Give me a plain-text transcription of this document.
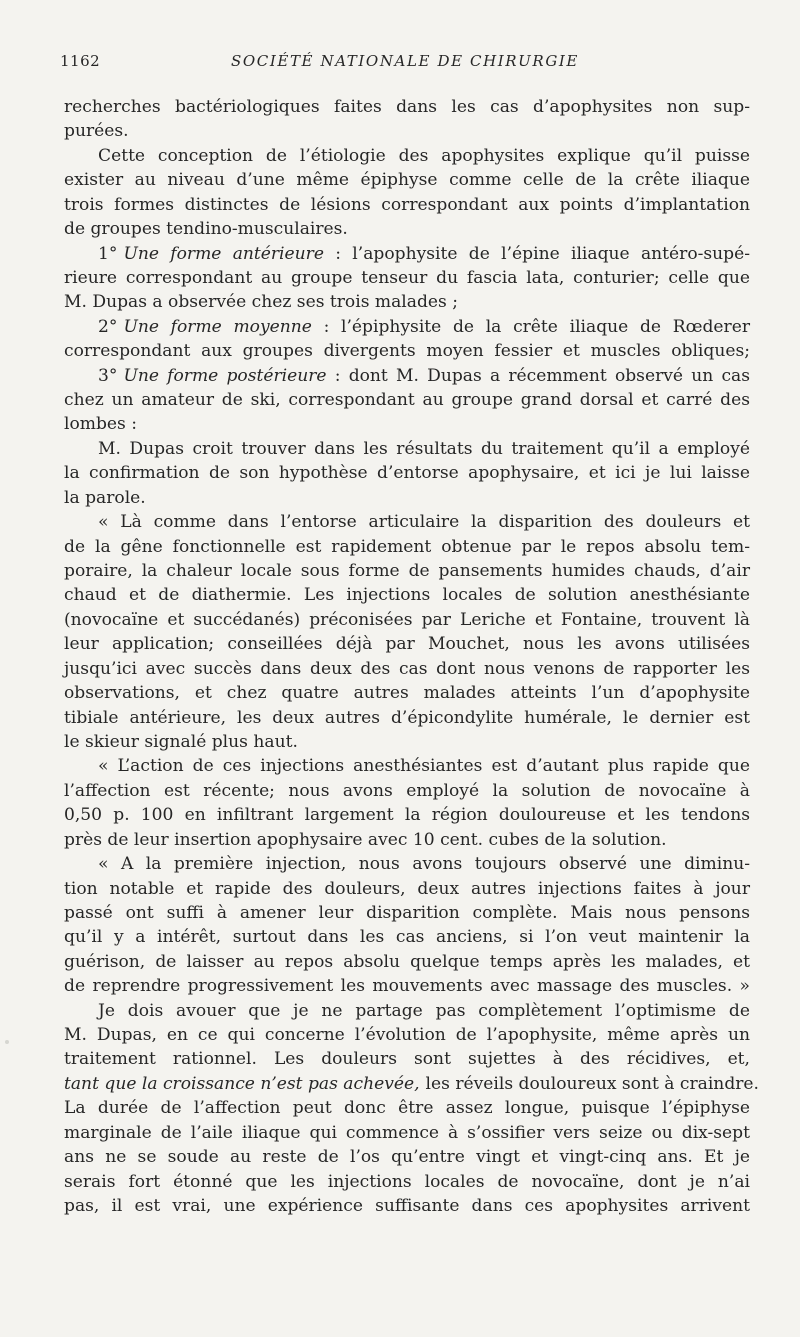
1162	SOCIÉTÉ NATIONALE DE CHIRURGIE
recherches bactériologiques faites dans les cas d’apophysites non sup-
purées.
Cette conception de l’étiologie des apophysites explique qu’il puisse
exister au niveau d’une même épiphyse comme celle de la crête iliaque
trois formes distinctes de lésions correspondant aux points d’implantation
de groupes tendino-musculaires.
1° Une forme antérieure : l’apophysite de l’épine iliaque antéro-supé-
rieure correspondant au groupe tenseur du fascia lata, conturier; celle que
M. Dupas a observée chez ses trois malades ;
2° Une forme moyenne : l’épiphysite de la crête iliaque de Rœderer
correspondant aux groupes divergents moyen fessier et muscles obliques;
3° Une forme postérieure : dont M. Dupas a récemment observé un cas
chez un amateur de ski, correspondant au groupe grand dorsal et carré des
lombes :
M. Dupas croit trouver dans les résultats du traitement qu’il a employé
la confirmation de son hypothèse d’entorse apophysaire, et ici je lui laisse
la parole.
« Là comme dans l’entorse articulaire la disparition des douleurs et
de la gêne fonctionnelle est rapidement obtenue par le repos absolu tem-
poraire, la chaleur locale sous forme de pansements humides chauds, d’air
chaud et de diathermie. Les injections locales de solution anesthésiante
(novocaïne et succédanés) préconisées par Leriche et Fontaine, trouvent là
leur application; conseillées déjà par Mouchet, nous les avons utilisées
jusqu’ici avec succès dans deux des cas dont nous venons de rapporter les
observations, et chez quatre autres malades atteints l’un d’apophysite
tibiale antérieure, les deux autres d’épicondylite humérale, le dernier est
le skieur signalé plus haut.
« L’action de ces injections anesthésiantes est d’autant plus rapide que
l’affection est récente; nous avons employé la solution de novocaïne à
0,50 p. 100 en infiltrant largement la région douloureuse et les tendons
près de leur insertion apophysaire avec 10 cent. cubes de la solution.
« A la première injection, nous avons toujours observé une diminu-
tion notable et rapide des douleurs, deux autres injections faites à jour
passé ont suffi à amener leur disparition complète. Mais nous pensons
qu’il y a intérêt, surtout dans les cas anciens, si l’on veut maintenir la
guérison, de laisser au repos absolu quelque temps après les malades, et
de reprendre progressivement les mouvements avec massage des muscles. »
Je dois avouer que je ne partage pas complètement l’optimisme de
M. Dupas, en ce qui concerne l’évolution de l’apophysite, même après un
traitement rationnel. Les douleurs sont sujettes à des récidives, et,
tant que la croissance n’est pas achevée, les réveils douloureux sont à craindre.
La durée de l’affection peut donc être assez longue, puisque l’épiphyse
marginale de l’aile iliaque qui commence à s’ossifier vers seize ou dix-sept
ans ne se soude au reste de l’os qu’entre vingt et vingt-cinq ans. Et je
serais fort étonné que les injections locales de novocaïne, dont je n’ai
pas, il est vrai, une expérience suffisante dans ces apophysites arrivent
